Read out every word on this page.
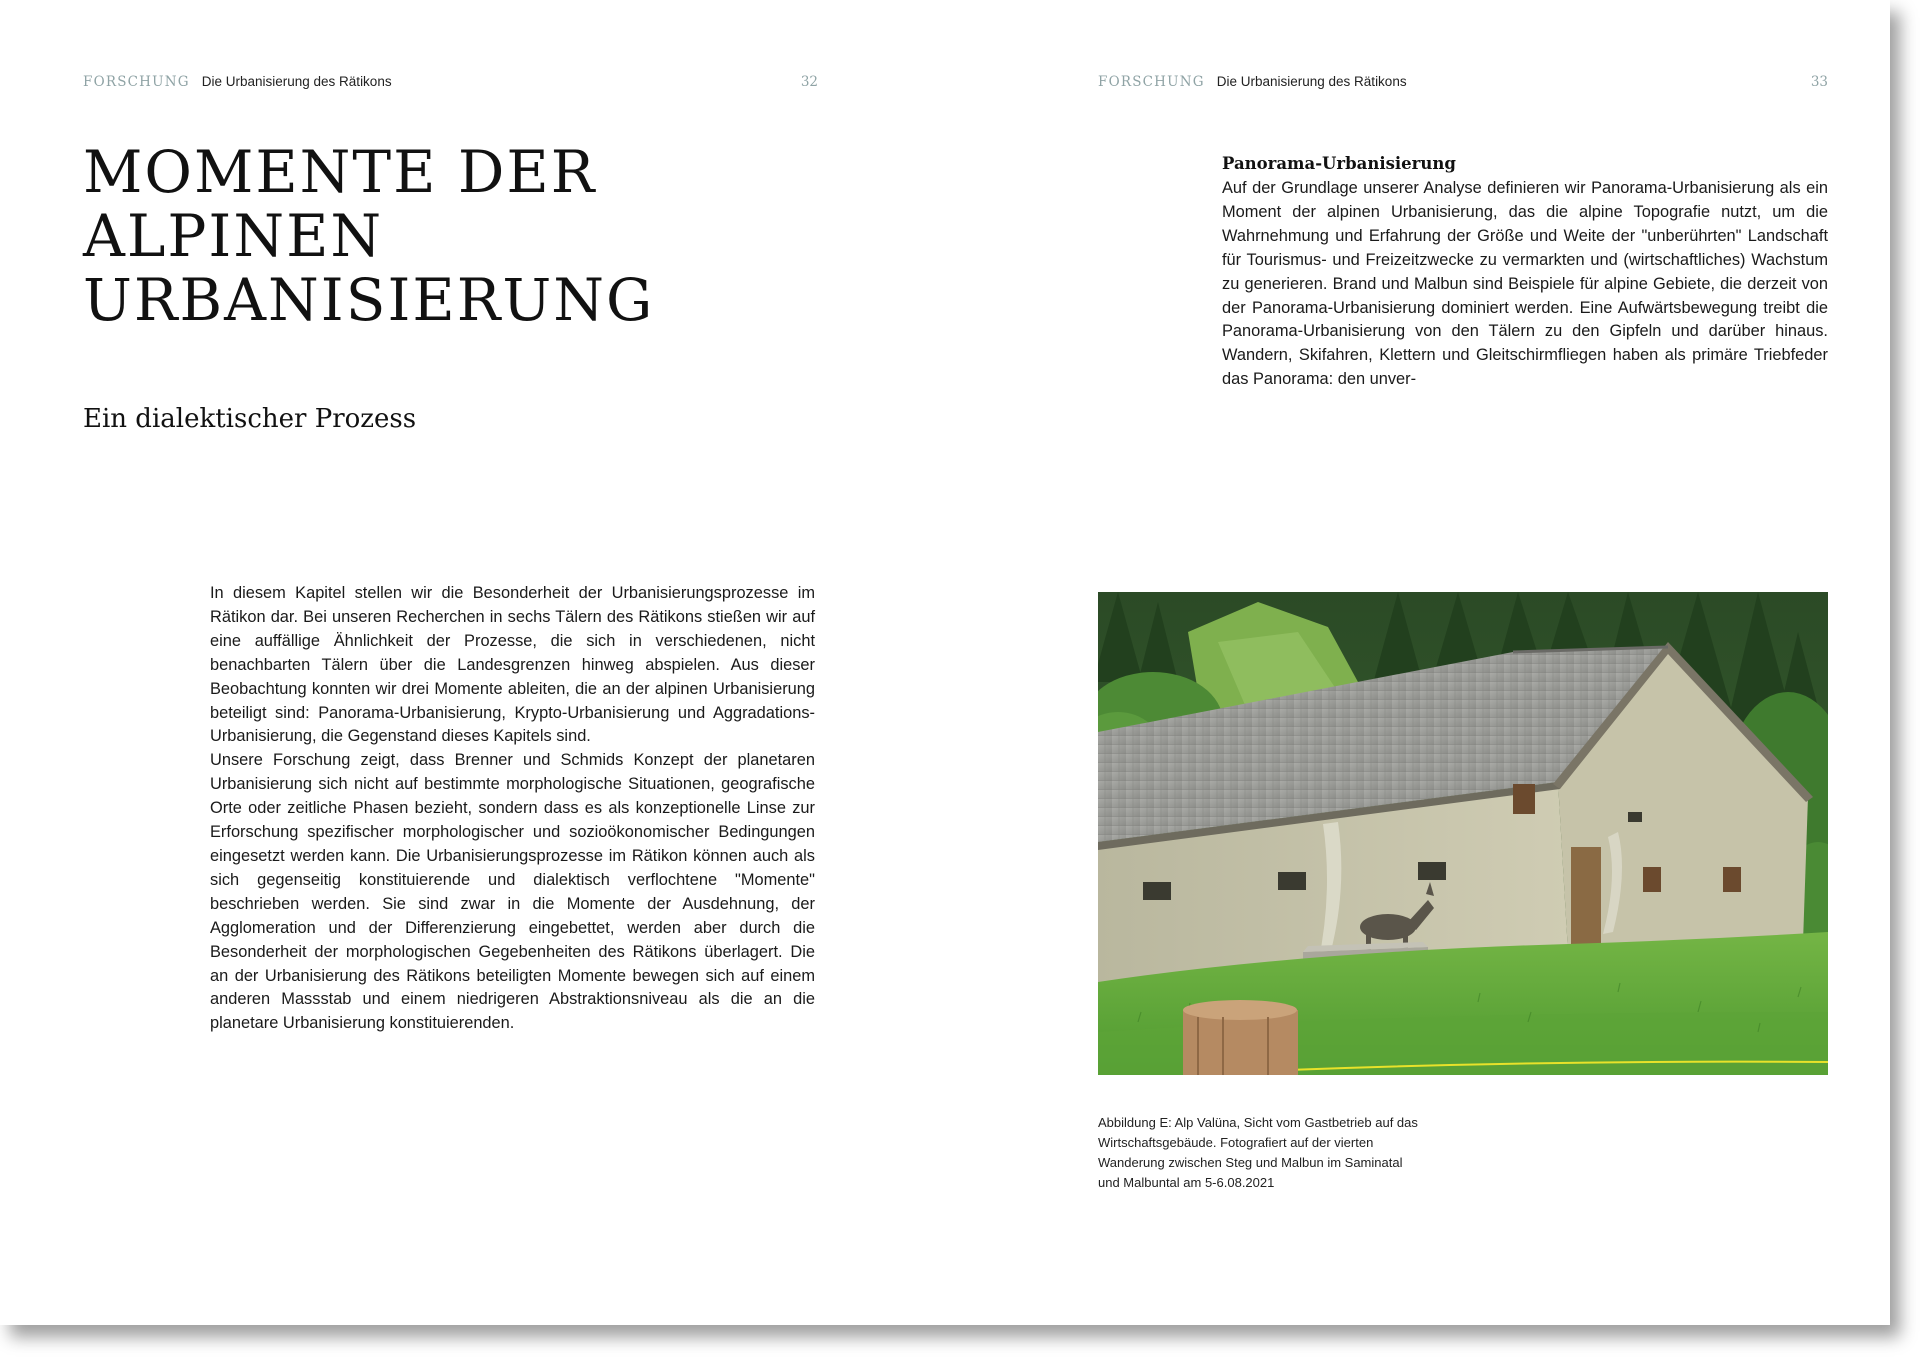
FORSCHUNG Die Urbanisierung des Rätikons	32
MOMENTE DER
ALPINEN
URBANISIERUNG
Ein dialektischer Prozess

In diesem Kapitel stellen wir die Besonderheit der Urbanisierungsprozesse im Rätikon dar. Bei unseren Recherchen in sechs Tälern des Rätikons stießen wir auf eine auffällige Ähnlichkeit der Prozesse, die sich in verschiedenen, nicht benachbarten Tälern über die Landesgrenzen hinweg abspielen. Aus dieser Beobachtung konnten wir drei Momente ableiten, die an der alpinen Urbanisierung beteiligt sind: Panorama-Urbanisierung, Krypto-Urbanisierung und Aggradations-Urbanisierung, die Gegenstand dieses Kapitels sind.

Unsere Forschung zeigt, dass Brenner und Schmids Konzept der planetaren Urbanisierung sich nicht auf bestimmte morphologische Situationen, geografische Orte oder zeitliche Phasen bezieht, sondern dass es als konzeptionelle Linse zur Erforschung spezifischer morphologischer und sozioökonomischer Bedingungen eingesetzt werden kann. Die Urbanisierungsprozesse im Rätikon können auch als sich gegenseitig konstituierende und dialektisch verflochtene "Momente" beschrieben werden. Sie sind zwar in die Momente der Ausdehnung, der Agglomeration und der Differenzierung eingebettet, werden aber durch die Besonderheit der morphologischen Gegebenheiten des Rätikons überlagert. Die an der Urbanisierung des Rätikons beteiligten Momente bewegen sich auf einem anderen Massstab und einem niedrigeren Abstraktionsniveau als die an die planetare Urbanisierung konstituierenden.

FORSCHUNG Die Urbanisierung des Rätikons	33
Panorama-Urbanisierung

Auf der Grundlage unserer Analyse definieren wir Panorama-Urbanisierung als ein Moment der alpinen Urbanisierung, das die alpine Topografie nutzt, um die Wahrnehmung und Erfahrung der Größe und Weite der "unberührten" Landschaft für Tourismus- und Freizeitzwecke zu vermarkten und (wirtschaftliches) Wachstum zu generieren. Brand und Malbun sind Beispiele für alpine Gebiete, die derzeit von der Panorama-Urbanisierung dominiert werden. Eine Aufwärtsbewegung treibt die Panorama-Urbanisierung von den Tälern zu den Gipfeln und darüber hinaus. Wandern, Skifahren, Klettern und Gleitschirmfliegen haben als primäre Triebfeder das Panorama: den unver-

Abbildung E: Alp Valüna, Sicht vom Gastbetrieb auf das
Wirtschaftsgebäude. Fotografiert auf der vierten
Wanderung zwischen Steg und Malbun im Saminatal
und Malbuntal am 5-6.08.2021
